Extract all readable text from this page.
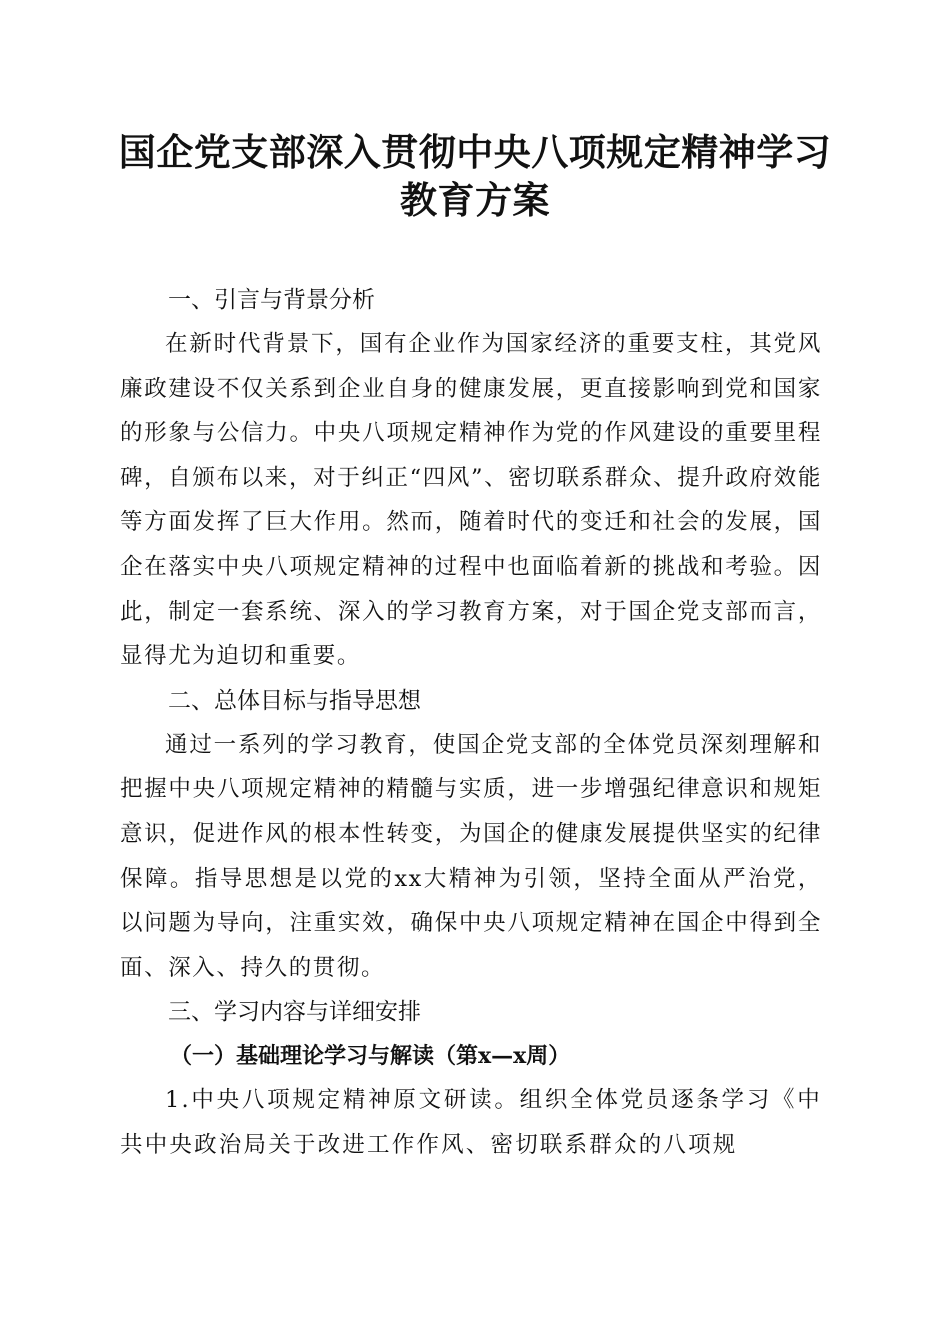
国企党支部深入贯彻中央八项规定精神学习教育方案
一、引言与背景分析

在新时代背景下，国有企业作为国家经济的重要支柱，其党风廉政建设不仅关系到企业自身的健康发展，更直接影响到党和国家的形象与公信力。中央八项规定精神作为党的作风建设的重要里程碑，自颁布以来，对于纠正“四风”、密切联系群众、提升政府效能等方面发挥了巨大作用。然而，随着时代的变迁和社会的发展，国企在落实中央八项规定精神的过程中也面临着新的挑战和考验。因此，制定一套系统、深入的学习教育方案，对于国企党支部而言，显得尤为迫切和重要。

二、总体目标与指导思想

通过一系列的学习教育，使国企党支部的全体党员深刻理解和把握中央八项规定精神的精髓与实质，进一步增强纪律意识和规矩意识，促进作风的根本性转变，为国企的健康发展提供坚实的纪律保障。指导思想是以党的xx大精神为引领，坚持全面从严治党，以问题为导向，注重实效，确保中央八项规定精神在国企中得到全面、深入、持久的贯彻。

三、学习内容与详细安排
（一）基础理论学习与解读（第x—x周）

1.中央八项规定精神原文研读。组织全体党员逐条学习《中共中央政治局关于改进工作作风、密切联系群众的八项规
